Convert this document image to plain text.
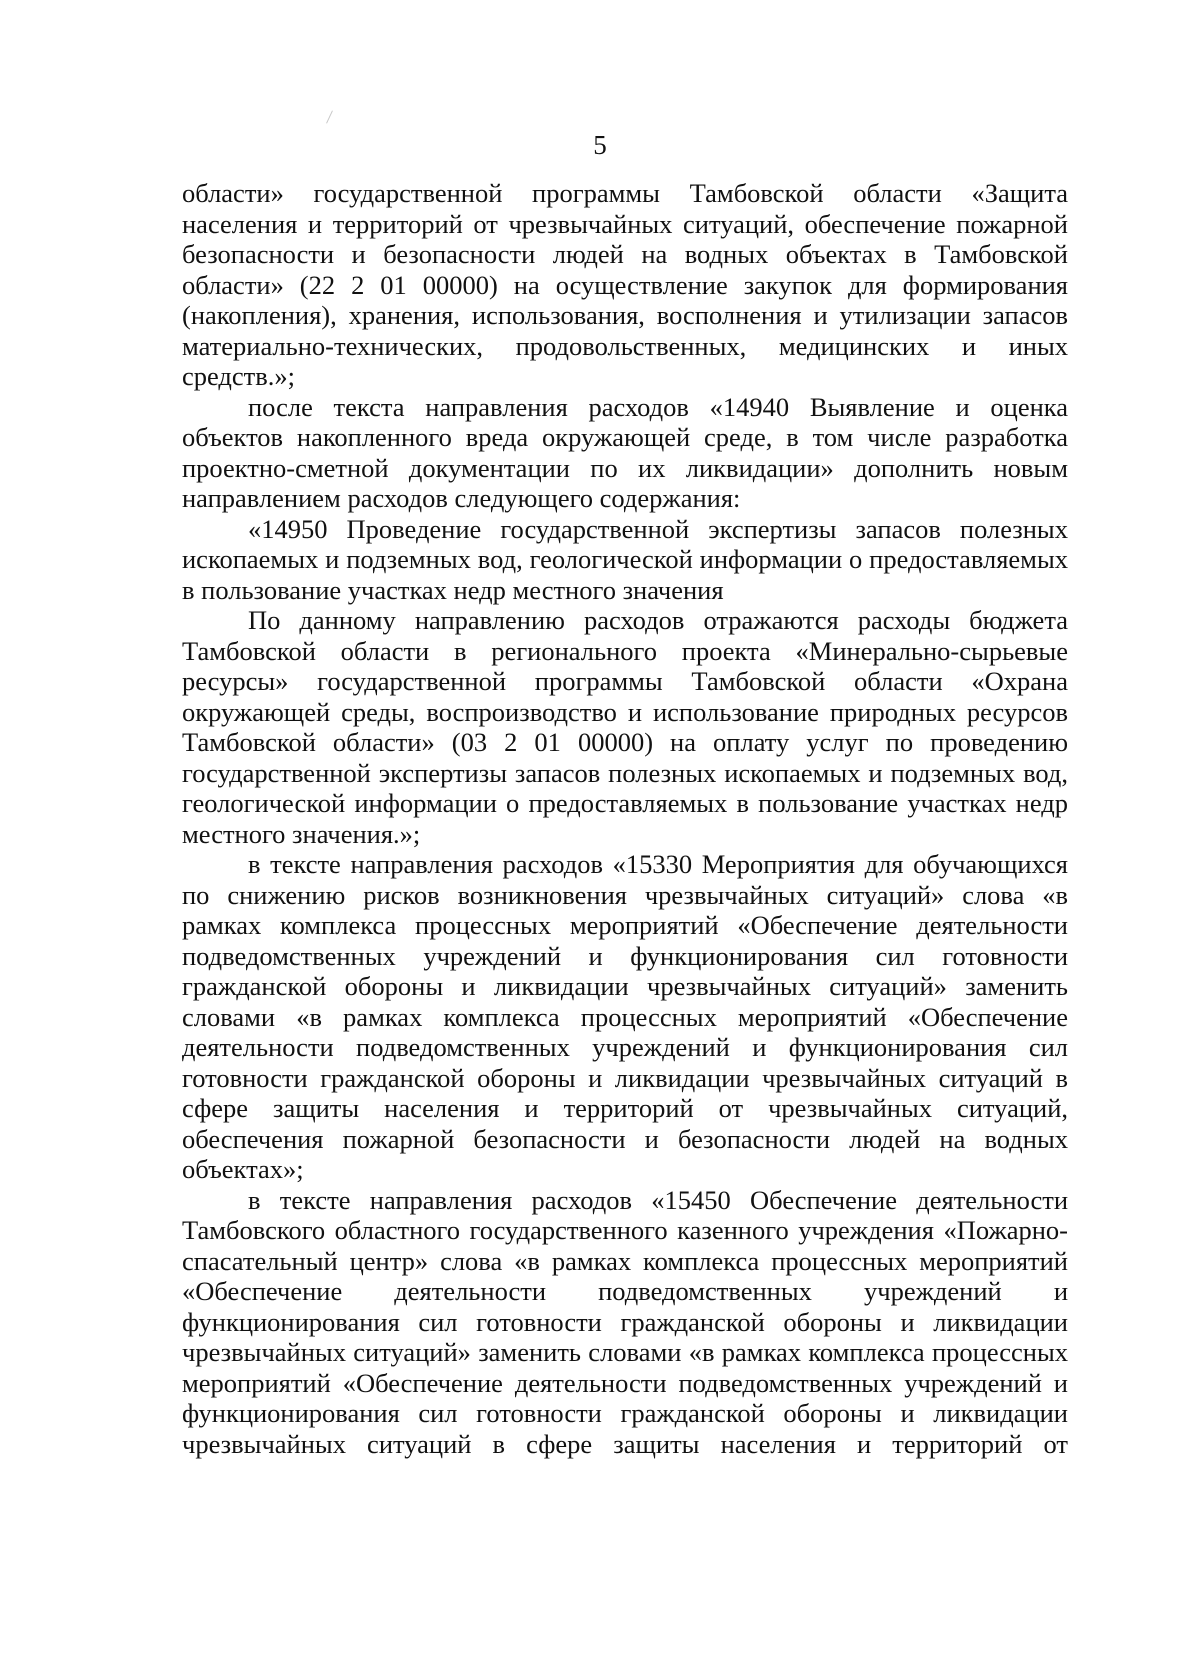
5

области» государственной программы Тамбовской области «Защита населения и территорий от чрезвычайных ситуаций, обеспечение пожарной безопасности и безопасности людей на водных объектах в Тамбовской области» (22 2 01 00000) на осуществление закупок для формирования (накопления), хранения, использования, восполнения и утилизации запасов материально-технических, продовольственных, медицинских и иных средств.»;

после текста направления расходов «14940 Выявление и оценка объектов накопленного вреда окружающей среде, в том числе разработка проектно-сметной документации по их ликвидации» дополнить новым направлением расходов следующего содержания:

«14950 Проведение государственной экспертизы запасов полезных ископаемых и подземных вод, геологической информации о предоставляемых в пользование участках недр местного значения

По данному направлению расходов отражаются расходы бюджета Тамбовской области в регионального проекта «Минерально-сырьевые ресурсы» государственной программы Тамбовской области «Охрана окружающей среды, воспроизводство и использование природных ресурсов Тамбовской области» (03 2 01 00000) на оплату услуг по проведению государственной экспертизы запасов полезных ископаемых и подземных вод, геологической информации о предоставляемых в пользование участках недр местного значения.»;

в тексте направления расходов «15330 Мероприятия для обучающихся по снижению рисков возникновения чрезвычайных ситуаций» слова «в рамках комплекса процессных мероприятий «Обеспечение деятельности подведомственных учреждений и функционирования сил готовности гражданской обороны и ликвидации чрезвычайных ситуаций» заменить словами «в рамках комплекса процессных мероприятий «Обеспечение деятельности подведомственных учреждений и функционирования сил готовности гражданской обороны и ликвидации чрезвычайных ситуаций в сфере защиты населения и территорий от чрезвычайных ситуаций, обеспечения пожарной безопасности и безопасности людей на водных объектах»;

в тексте направления расходов «15450 Обеспечение деятельности Тамбовского областного государственного казенного учреждения «Пожарно-спасательный центр» слова «в рамках комплекса процессных мероприятий «Обеспечение деятельности подведомственных учреждений и функционирования сил готовности гражданской обороны и ликвидации чрезвычайных ситуаций» заменить словами «в рамках комплекса процессных мероприятий «Обеспечение деятельности подведомственных учреждений и функционирования сил готовности гражданской обороны и ликвидации чрезвычайных ситуаций в сфере защиты населения и территорий от
